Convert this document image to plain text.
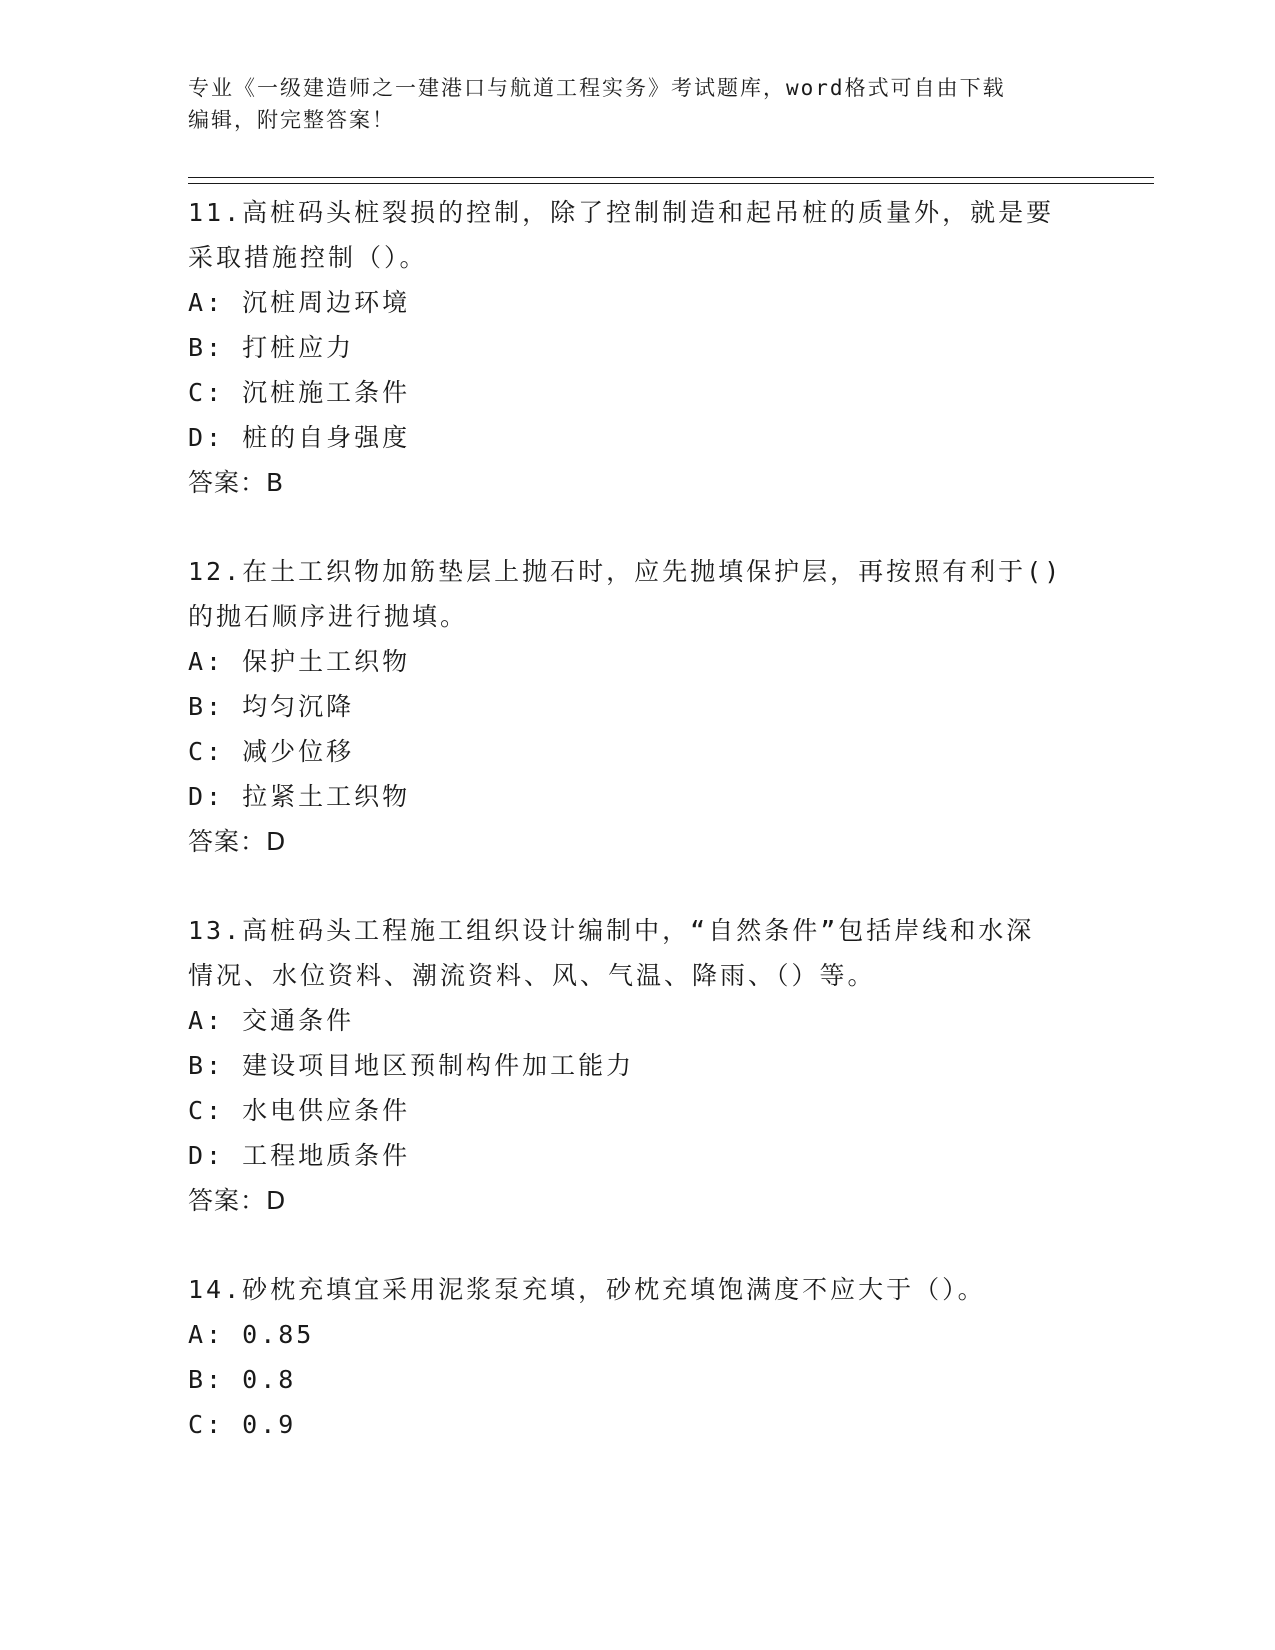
专业《一级建造师之一建港口与航道工程实务》考试题库，word格式可自由下载
编辑，附完整答案！
11.高桩码头桩裂损的控制，除了控制制造和起吊桩的质量外，就是要
采取措施控制（）。
A: 沉桩周边环境
B: 打桩应力
C: 沉桩施工条件
D: 桩的自身强度
答案：B
12.在土工织物加筋垫层上抛石时，应先抛填保护层，再按照有利于()
的抛石顺序进行抛填。
A: 保护土工织物
B: 均匀沉降
C: 减少位移
D: 拉紧土工织物
答案：D
13.高桩码头工程施工组织设计编制中，“自然条件”包括岸线和水深
情况、水位资料、潮流资料、风、气温、降雨、（）等。
A: 交通条件
B: 建设项目地区预制构件加工能力
C: 水电供应条件
D: 工程地质条件
答案：D
14.砂枕充填宜采用泥浆泵充填，砂枕充填饱满度不应大于（）。
A: 0.85
B: 0.8
C: 0.9
